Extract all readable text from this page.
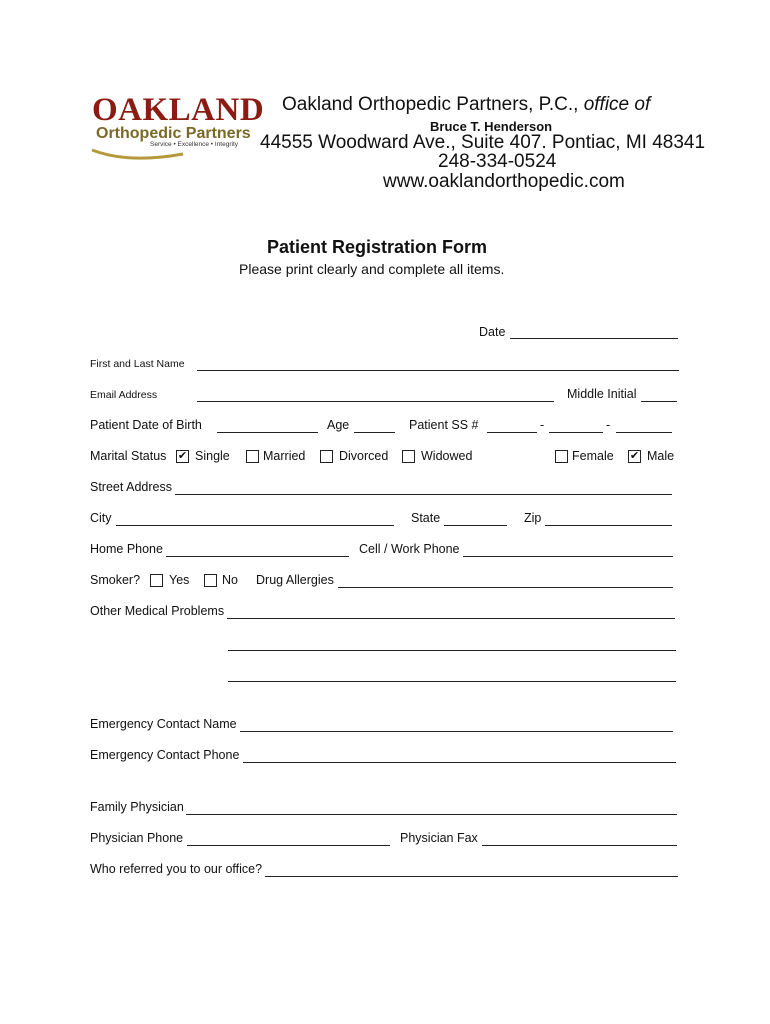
OAKLAND
Orthopedic Partners
Service • Excellence • Integrity
Oakland Orthopedic Partners, P.C., office of
Bruce T. Henderson
44555 Woodward Ave., Suite 407. Pontiac, MI 48341
248-334-0524
www.oaklandorthopedic.com
Patient Registration Form
Please print clearly and complete all items.
Date
First and Last Name
Email Address	Middle Initial
Patient Date of Birth	Age	Patient SS #	-	-
Marital Status ✔ Single	Married	Divorced	Widowed	Female ✔ Male
Street Address
City	State	Zip
Home Phone	Cell / Work Phone
Smoker? Yes	No Drug Allergies
Other Medical Problems
Emergency Contact Name
Emergency Contact Phone
Family Physician
Physician Phone	Physician Fax
Who referred you to our office?
